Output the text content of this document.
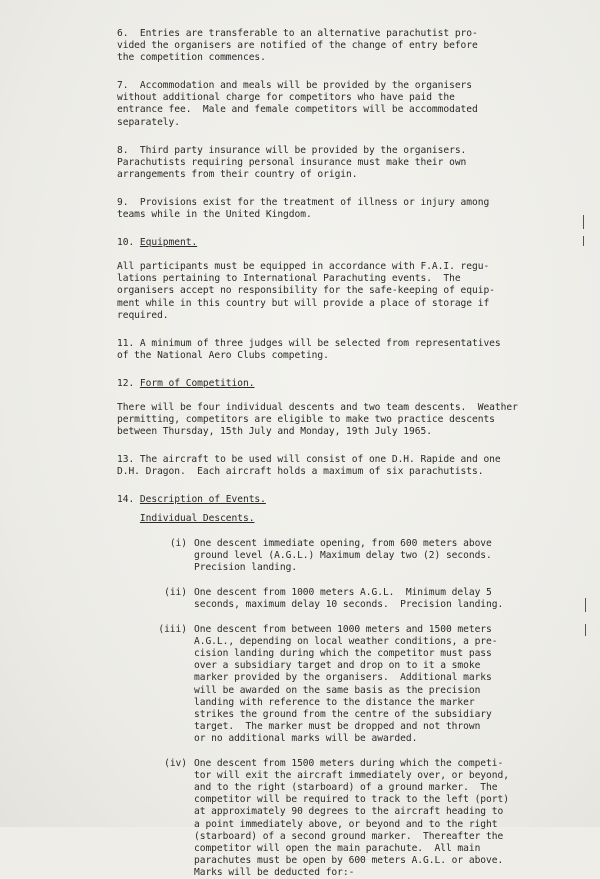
6.  Entries are transferable to an alternative parachutist pro-

vided the organisers are notified of the change of entry before

the competition commences.

7.  Accommodation and meals will be provided by the organisers

without additional charge for competitors who have paid the

entrance fee.  Male and female competitors will be accommodated

separately.

8.  Third party insurance will be provided by the organisers.

Parachutists requiring personal insurance must make their own

arrangements from their country of origin.

9.  Provisions exist for the treatment of illness or injury among

teams while in the United Kingdom.

10. Equipment.

All participants must be equipped in accordance with F.A.I. regu-

lations pertaining to International Parachuting events.  The

organisers accept no responsibility for the safe-keeping of equip-

ment while in this country but will provide a place of storage if

required.

11. A minimum of three judges will be selected from representatives

of the National Aero Clubs competing.

12. Form of Competition.

There will be four individual descents and two team descents.  Weather

permitting, competitors are eligible to make two practice descents

between Thursday, 15th July and Monday, 19th July 1965.

13. The aircraft to be used will consist of one D.H. Rapide and one

D.H. Dragon.  Each aircraft holds a maximum of six parachutists.

14. Description of Events.

Individual Descents.

(i) One descent immediate opening, from 600 meters above

ground level (A.G.L.) Maximum delay two (2) seconds.

Precision landing.

(ii) One descent from 1000 meters A.G.L.  Minimum delay 5

seconds, maximum delay 10 seconds.  Precision landing.

(iii) One descent from between 1000 meters and 1500 meters

A.G.L., depending on local weather conditions, a pre-

cision landing during which the competitor must pass

over a subsidiary target and drop on to it a smoke

marker provided by the organisers.  Additional marks

will be awarded on the same basis as the precision

landing with reference to the distance the marker

strikes the ground from the centre of the subsidiary

target.  The marker must be dropped and not thrown

or no additional marks will be awarded.

(iv) One descent from 1500 meters during which the competi-

tor will exit the aircraft immediately over, or beyond,

and to the right (starboard) of a ground marker.  The

competitor will be required to track to the left (port)

at approximately 90 degrees to the aircraft heading to

a point immediately above, or beyond and to the right

(starboard) of a second ground marker.  Thereafter the

competitor will open the main parachute.  All main

parachutes must be open by 600 meters A.G.L. or above.

Marks will be deducted for:-
